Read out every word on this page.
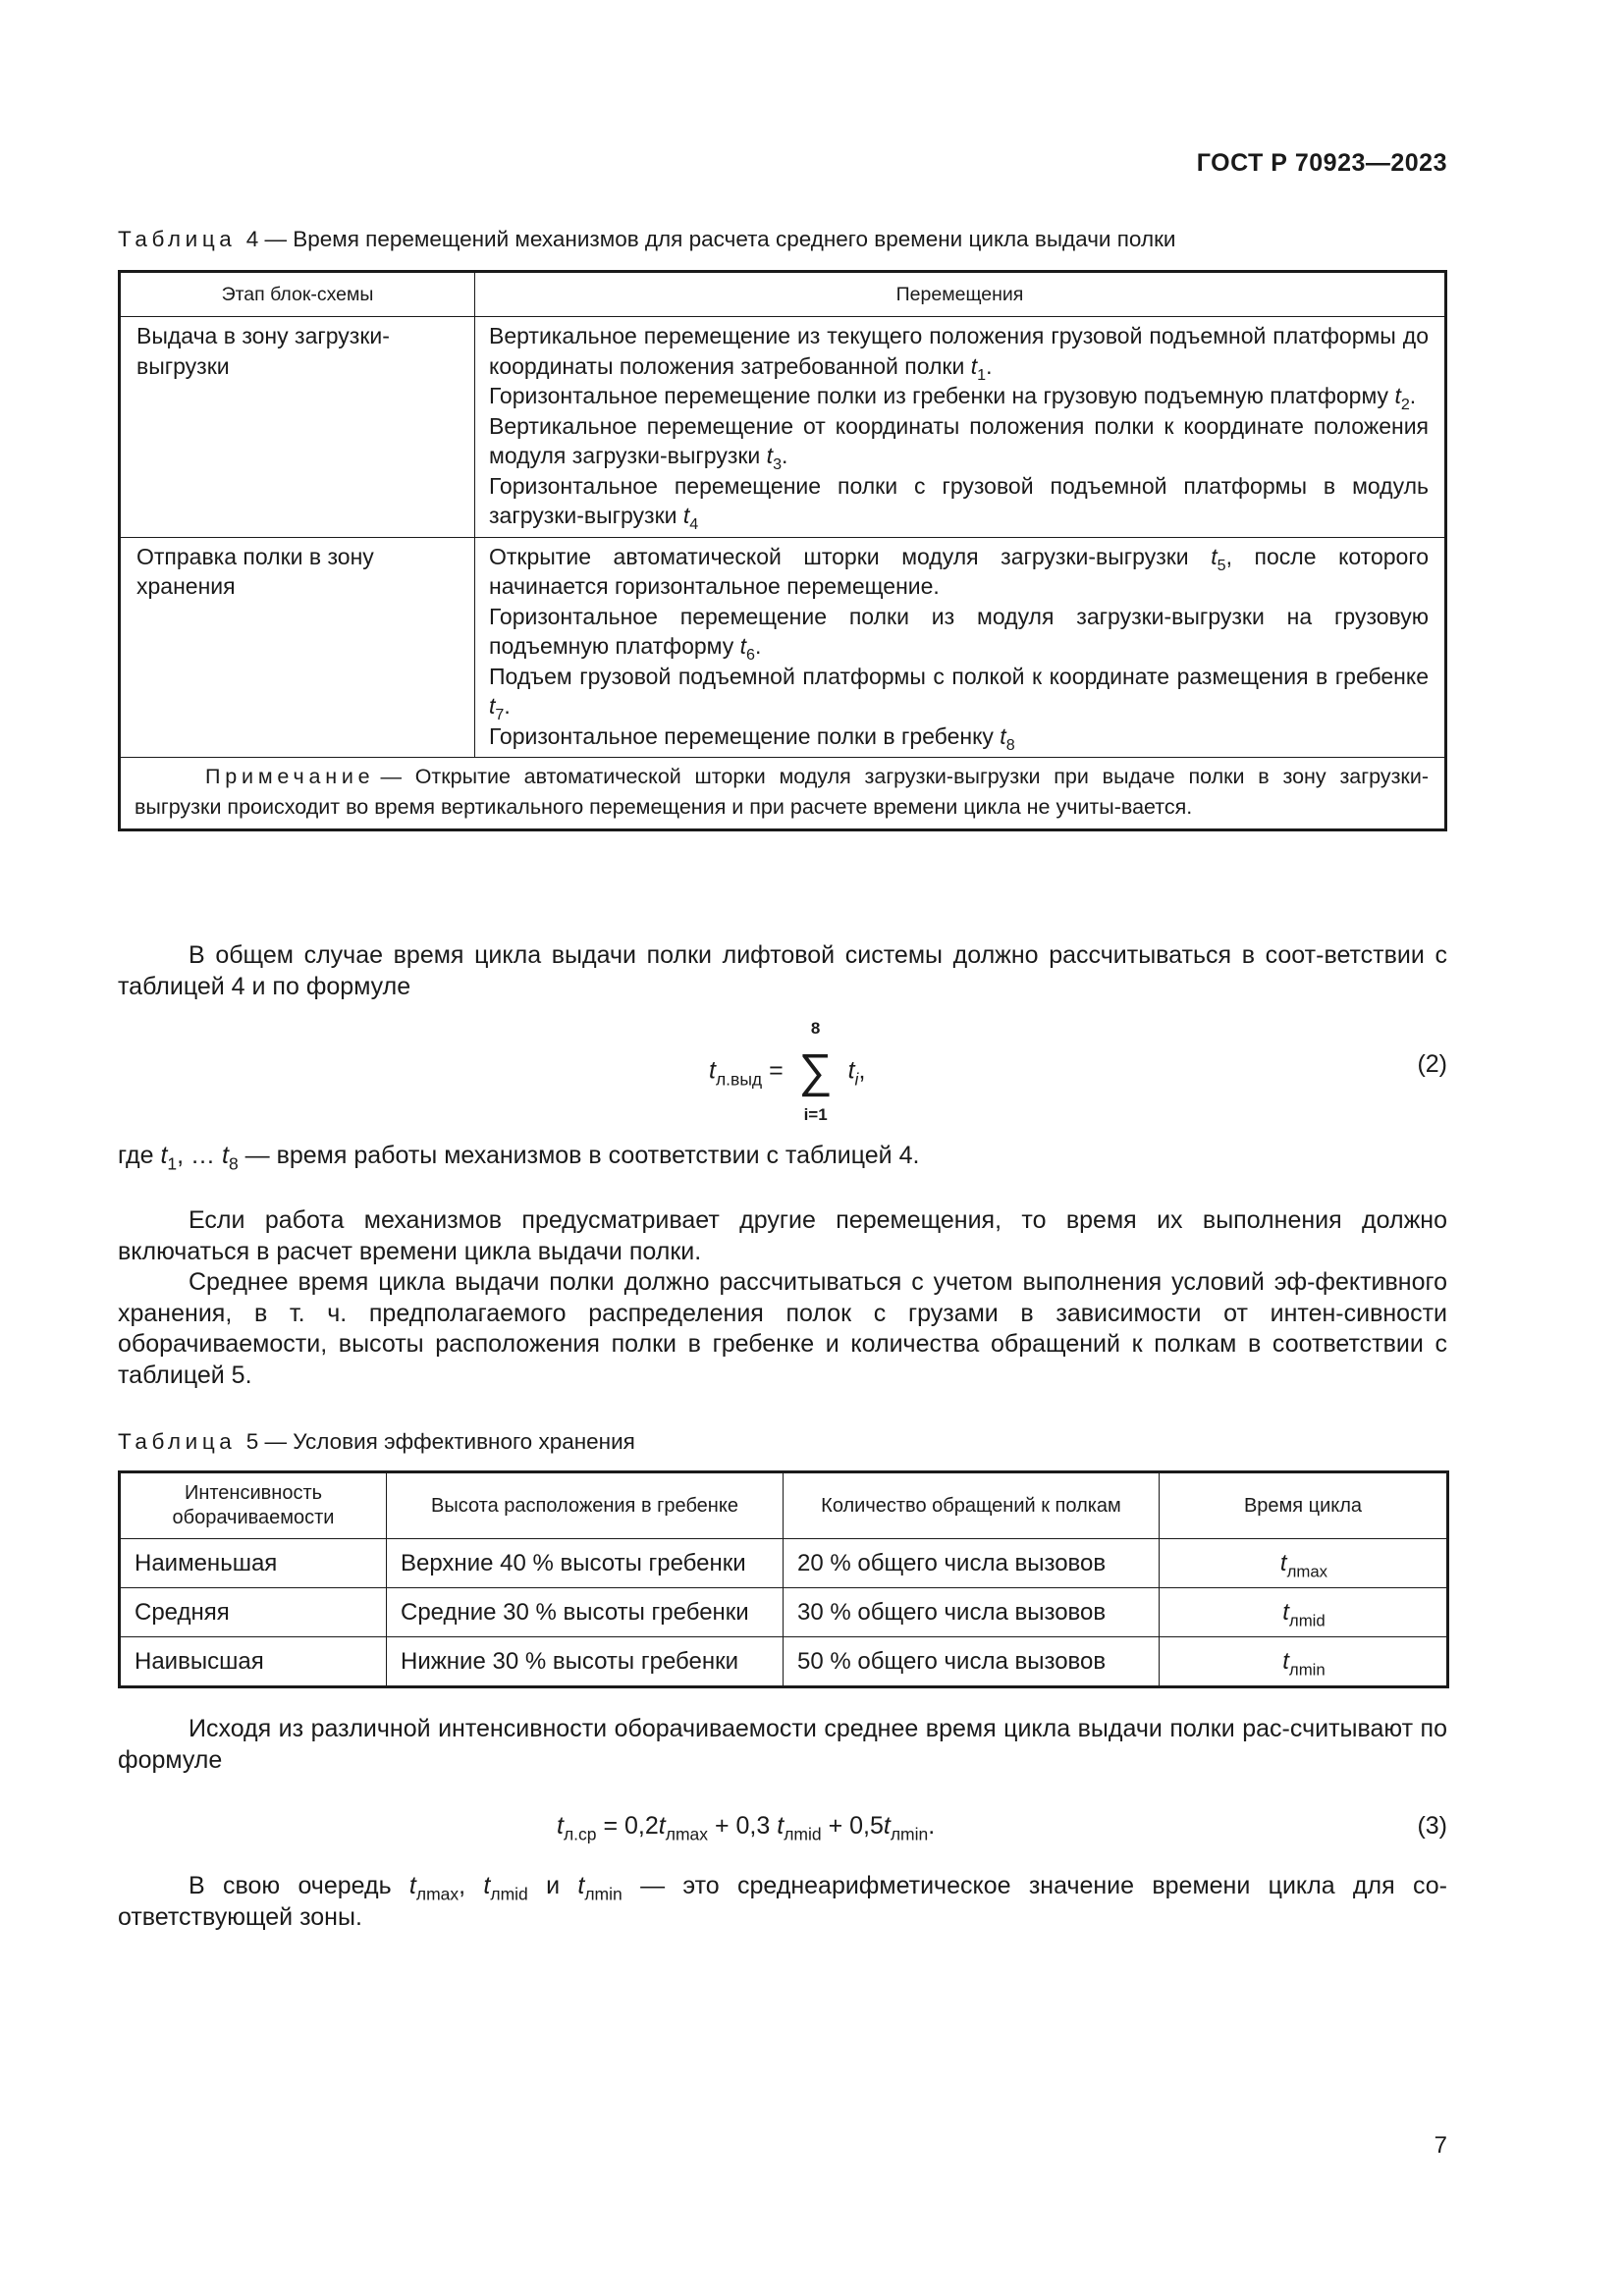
ГОСТ Р 70923—2023
Таблица 4 — Время перемещений механизмов для расчета среднего времени цикла выдачи полки
Этап блок-схемы	Перемещения
Выдача в зону загрузки-выгрузки	Вертикальное перемещение из текущего положения грузовой подъемной платформы до координаты положения затребованной полки $t_1$.
Горизонтальное перемещение полки из гребенки на грузовую подъемную платформу $t_2$.
Вертикальное перемещение от координаты положения полки к координате положения модуля загрузки-выгрузки $t_3$.
Горизонтальное перемещение полки с грузовой подъемной платформы в модуль загрузки-выгрузки $t_4$

Отправка полки в зону хранения	Открытие автоматической шторки модуля загрузки-выгрузки $t_5$, после которого начинается горизонтальное перемещение.
Горизонтальное перемещение полки из модуля загрузки-выгрузки на грузовую подъемную платформу $t_6$.
Подъем грузовой подъемной платформы с полкой к координате размещения в гребенке $t_7$.
Горизонтальное перемещение полки в гребенку $t_8$

Примечание — Открытие автоматической шторки модуля загрузки-выгрузки при выдаче полки в зону загрузки-выгрузки происходит во время вертикального перемещения и при расчете времени цикла не учиты-вается.	

В общем случае время цикла выдачи полки лифтовой системы должно рассчитываться в соот-ветствии с таблицей 4 и по формуле

$t_{л.выд}$ =
8
∑
i=1
$t_i$,	(2)
где $t_1$, … $t_8$ — время работы механизмов в соответствии с таблицей 4.

Если работа механизмов предусматривает другие перемещения, то время их выполнения должно включаться в расчет времени цикла выдачи полки.

Среднее время цикла выдачи полки должно рассчитываться с учетом выполнения условий эф-фективного хранения, в т. ч. предполагаемого распределения полок с грузами в зависимости от интен-сивности оборачиваемости, высоты расположения полки в гребенке и количества обращений к полкам в соответствии с таблицей 5.

Таблица 5 — Условия эффективного хранения
Интенсивность оборачиваемости	Высота расположения в гребенке	Количество обращений к полкам	Время цикла
Наименьшая	Верхние 40 % высоты гребенки	20 % общего числа вызовов	$t_{лmax}$
Средняя	Средние 30 % высоты гребенки	30 % общего числа вызовов	$t_{лmid}$
Наивысшая	Нижние 30 % высоты гребенки	50 % общего числа вызовов	$t_{лmin}$

Исходя из различной интенсивности оборачиваемости среднее время цикла выдачи полки рас-считывают по формуле

$t_{л.ср} = 0,2t_{лmax} + 0,3$ $t_{лmid} + 0,5t_{лmin}$.	(3)
В свою очередь $t_{лmax}$, $t_{лmid}$ и $t_{лmin}$ — это среднеарифметическое значение времени цикла для со-ответствующей зоны.
7
